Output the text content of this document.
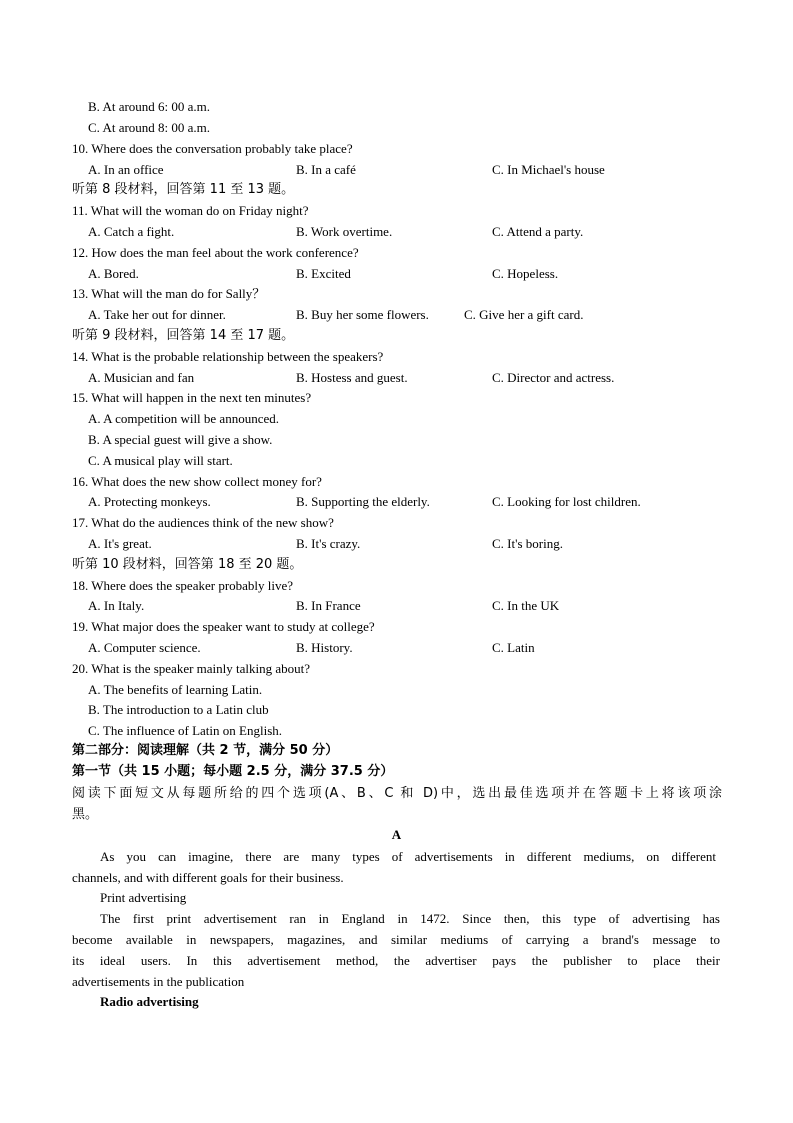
B. At around 6: 00 a.m.
C. At around 8: 00 a.m.
10. Where does the conversation probably take place?
A. In an office	B. In a café	C. In Michael's house
听第 8 段材料，回答第 11 至 13 题。
11. What will the woman do on Friday night?
A. Catch a fight.	B. Work overtime.	C. Attend a party.
12. How does the man feel about the work conference?
A. Bored.	B. Excited	C. Hopeless.
13. What will the man do for Sally？
A. Take her out for dinner.	B. Buy her some flowers.	C. Give her a gift card.
听第 9 段材料，回答第 14 至 17 题。
14. What is the probable relationship between the speakers?
A. Musician and fan	B. Hostess and guest.	C. Director and actress.
15. What will happen in the next ten minutes?
A. A competition will be announced.
B. A special guest will give a show.
C. A musical play will start.
16. What does the new show collect money for?
A. Protecting monkeys.	B. Supporting the elderly.	C. Looking for lost children.
17. What do the audiences think of the new show?
A. It's great.	B. It's crazy.	C. It's boring.
听第 10 段材料，回答第 18 至 20 题。
18. Where does the speaker probably live?
A. In Italy.	B. In France	C. In the UK
19. What major does the speaker want to study at college?
A. Computer science.	B. History.	C. Latin
20. What is the speaker mainly talking about?
A. The benefits of learning Latin.
B. The introduction to a Latin club
C. The influence of Latin on English.
第二部分：阅读理解（共 2 节，满分 50 分）
第一节（共 15 小题；每小题 2.5 分，满分 37.5 分）
阅读下面短文从每题所给的四个选项(A、B、C 和 D)中，选出最佳选项并在答题卡上将该项涂
黑。
A
As you can imagine, there are many types of advertisements in different mediums, on different
channels, and with different goals for their business.
Print advertising
The first print advertisement ran in England in 1472. Since then, this type of advertising has
become available in newspapers, magazines, and similar mediums of carrying a brand's message to
its ideal users. In this advertisement method, the advertiser pays the publisher to place their
advertisements in the publication
Radio advertising
